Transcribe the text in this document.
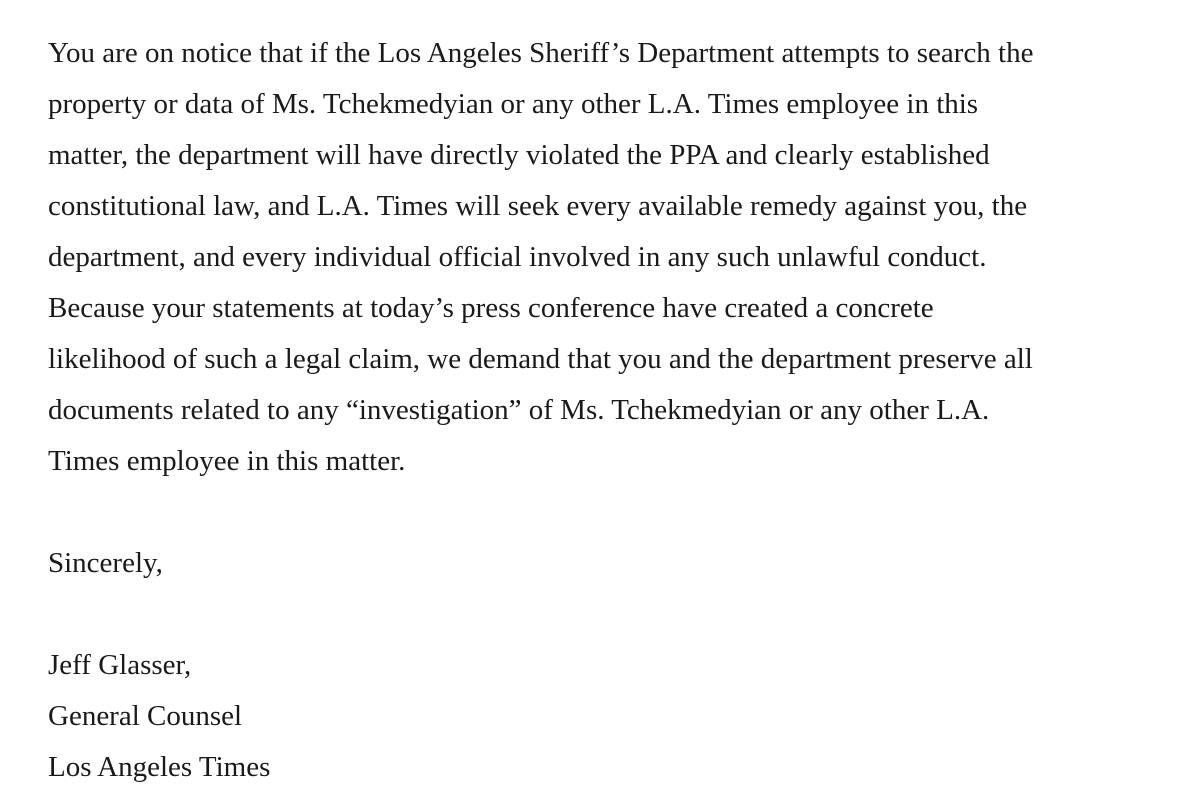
You are on notice that if the Los Angeles Sheriff’s Department attempts to search the
property or data of Ms. Tchekmedyian or any other L.A. Times employee in this
matter, the department will have directly violated the PPA and clearly established
constitutional law, and L.A. Times will seek every available remedy against you, the
department, and every individual official involved in any such unlawful conduct.
Because your statements at today’s press conference have created a concrete
likelihood of such a legal claim, we demand that you and the department preserve all
documents related to any “investigation” of Ms. Tchekmedyian or any other L.A.
Times employee in this matter.
Sincerely,
Jeff Glasser,
General Counsel
Los Angeles Times
